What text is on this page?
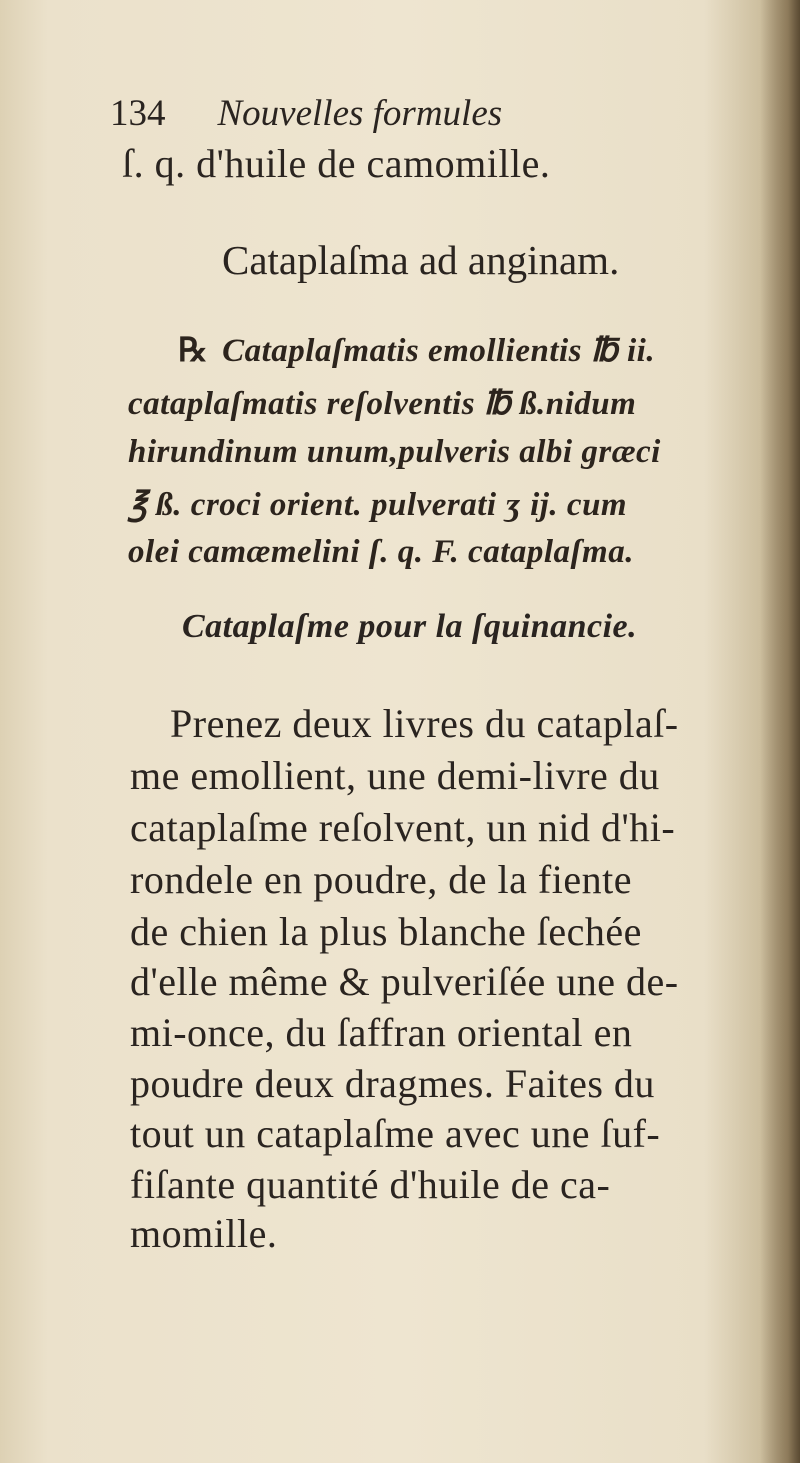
134 Nouvelles formules
ſ. q. d'huile de camomille.
Cataplaſma ad anginam.
℞ Cataplaſmatis emollientis ℔ ii.
cataplaſmatis reſolventis ℔ ß.nidum
hirundinum unum,pulveris albi græci
℥ ß. croci orient. pulverati ʒ ij. cum
olei camæmelini ſ. q. F. cataplaſma.
Cataplaſme pour la ſquinancie.
Prenez deux livres du cataplaſ-
me emollient, une demi-livre du
cataplaſme reſolvent, un nid d'hi-
rondele en poudre, de la fiente
de chien la plus blanche ſechée
d'elle même & pulveriſée une de-
mi-once, du ſaffran oriental en
poudre deux dragmes. Faites du
tout un cataplaſme avec une ſuf-
fiſante quantité d'huile de ca-
momille.
